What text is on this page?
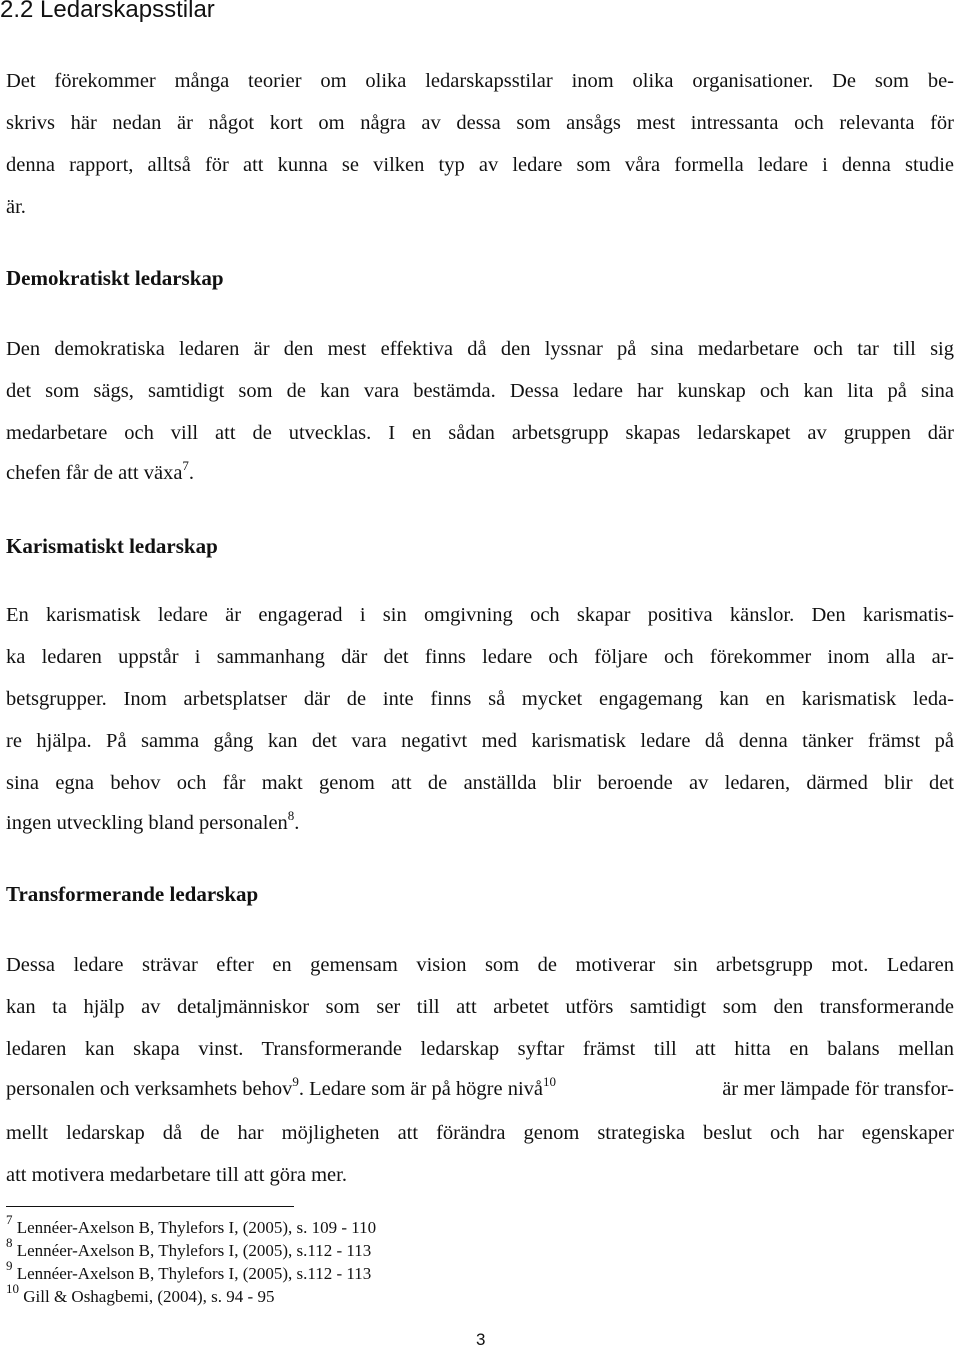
2.2 Ledarskapsstilar
Det förekommer många teorier om olika ledarskapsstilar inom olika organisationer. De som be-
skrivs här nedan är något kort om några av dessa som ansågs mest intressanta och relevanta för
denna rapport, alltså för att kunna se vilken typ av ledare som våra formella ledare i denna studie
är.
Demokratiskt ledarskap
Den demokratiska ledaren är den mest effektiva då den lyssnar på sina medarbetare och tar till sig
det som sägs, samtidigt som de kan vara bestämda. Dessa ledare har kunskap och kan lita på sina
medarbetare och vill att de utvecklas. I en sådan arbetsgrupp skapas ledarskapet av gruppen där
chefen får de att växa$^7$.
Karismatiskt ledarskap
En karismatisk ledare är engagerad i sin omgivning och skapar positiva känslor. Den karismatis-
ka ledaren uppstår i sammanhang där det finns ledare och följare och förekommer inom alla ar-
betsgrupper. Inom arbetsplatser där de inte finns så mycket engagemang kan en karismatisk leda-
re hjälpa. På samma gång kan det vara negativt med karismatisk ledare då denna tänker främst på
sina egna behov och får makt genom att de anställda blir beroende av ledaren, därmed blir det
ingen utveckling bland personalen$^8$.
Transformerande ledarskap
Dessa ledare strävar efter en gemensam vision som de motiverar sin arbetsgrupp mot. Ledaren
kan ta hjälp av detaljmänniskor som ser till att arbetet utförs samtidigt som den transformerande
ledaren kan skapa vinst. Transformerande ledarskap syftar främst till att hitta en balans mellan
personalen och verksamhets behov$^9$. Ledare som är på högre nivå$^{10}$	är mer lämpade för transfor-
mellt ledarskap då de har möjligheten att förändra genom strategiska beslut och har egenskaper
att motivera medarbetare till att göra mer.
$^7$ Lennéer-Axelson B, Thylefors I, (2005), s. 109 - 110
$^8$ Lennéer-Axelson B, Thylefors I, (2005), s.112 - 113
$^9$ Lennéer-Axelson B, Thylefors I, (2005), s.112 - 113
$^{10}$ Gill & Oshagbemi, (2004), s. 94 - 95
3
